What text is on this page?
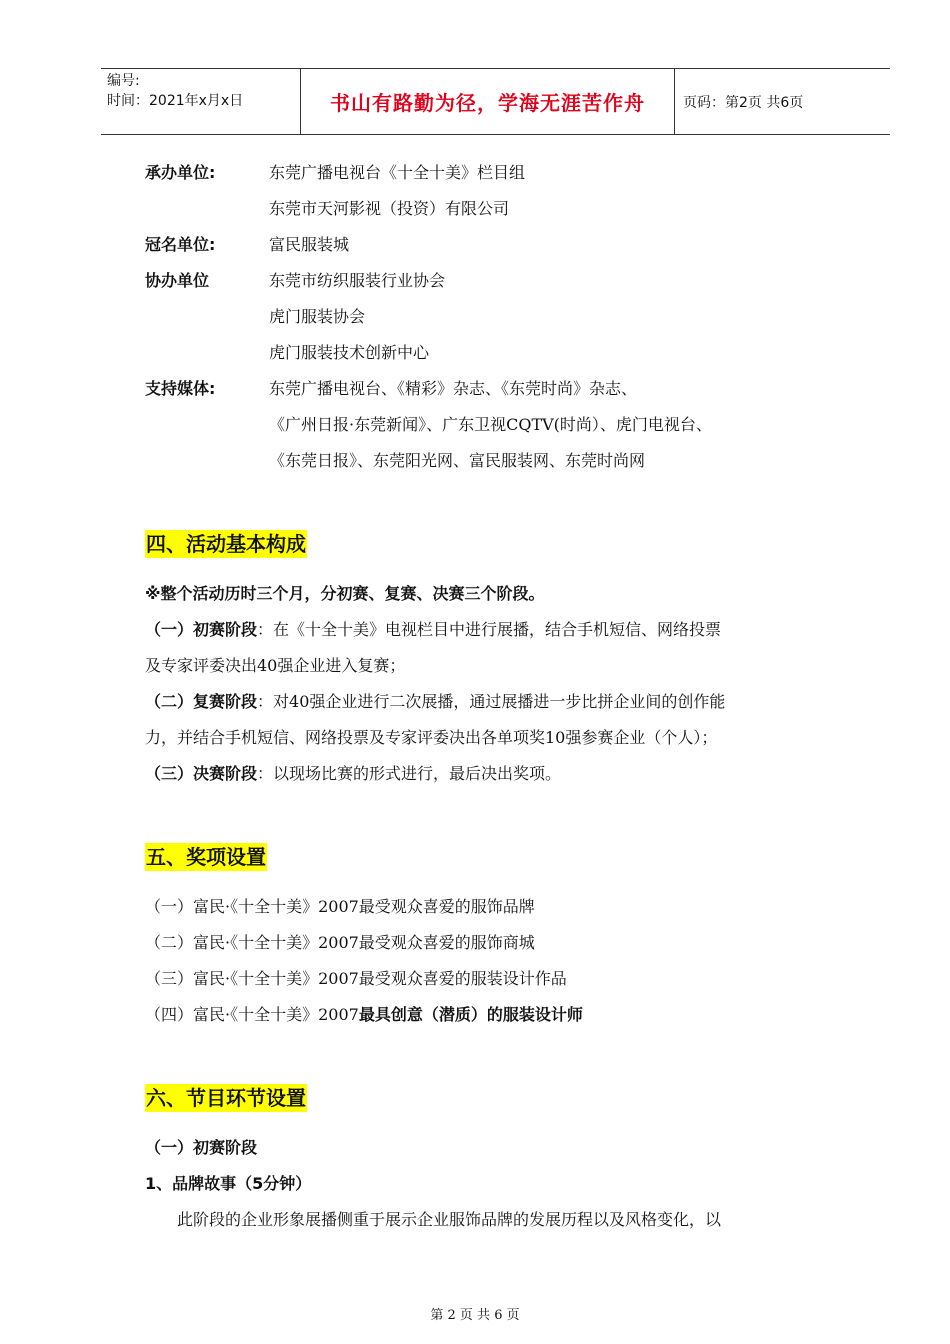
编号:
时间：2021年x月x日	书山有路勤为径，学海无涯苦作舟	页码：第2页 共6页
承办单位:	东莞广播电视台《十全十美》栏目组
东莞市天河影视（投资）有限公司
冠名单位:	富民服装城
协办单位	东莞市纺织服装行业协会
虎门服装协会
虎门服装技术创新中心
支持媒体:	东莞广播电视台、《精彩》杂志、《东莞时尚》杂志、
《广州日报·东莞新闻》、广东卫视CQTV(时尚）、虎门电视台、
《东莞日报》、东莞阳光网、富民服装网、东莞时尚网
四、活动基本构成
※整个活动历时三个月，分初赛、复赛、决赛三个阶段。
（一）初赛阶段：在《十全十美》电视栏目中进行展播，结合手机短信、网络投票
及专家评委决出40强企业进入复赛；
（二）复赛阶段：对40强企业进行二次展播，通过展播进一步比拼企业间的创作能
力，并结合手机短信、网络投票及专家评委决出各单项奖10强参赛企业（个人）；
（三）决赛阶段：以现场比赛的形式进行，最后决出奖项。
五、奖项设置
（一）富民·《十全十美》2007最受观众喜爱的服饰品牌
（二）富民·《十全十美》2007最受观众喜爱的服饰商城
（三）富民·《十全十美》2007最受观众喜爱的服装设计作品
（四）富民·《十全十美》2007最具创意（潜质）的服装设计师
六、节目环节设置
（一）初赛阶段
1、品牌故事（5分钟）
此阶段的企业形象展播侧重于展示企业服饰品牌的发展历程以及风格变化，以
第 2 页 共 6 页
